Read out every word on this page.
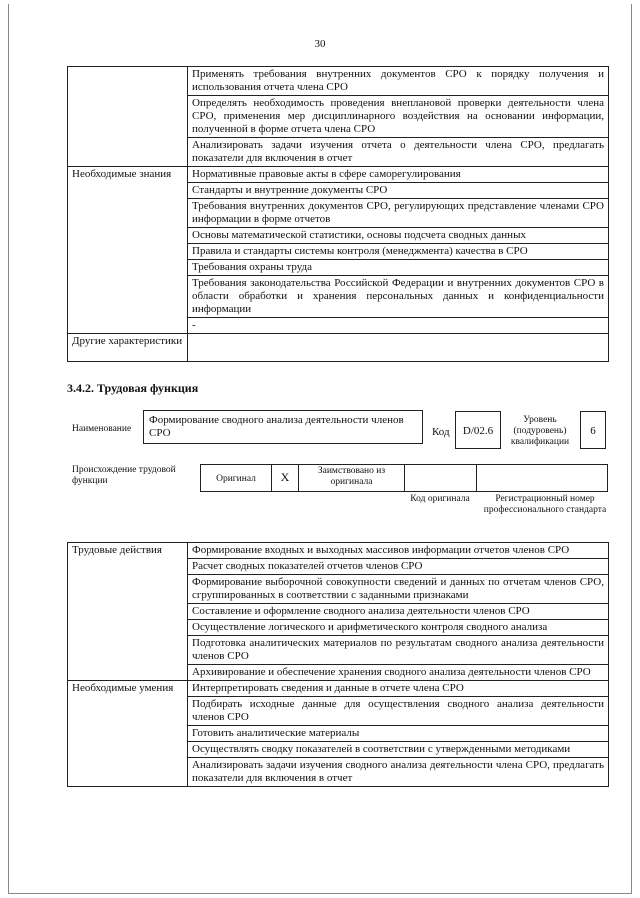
30
	Применять требования внутренних документов СРО к порядку получения и использования отчета члена СРО
	Определять необходимость проведения внеплановой проверки деятельности члена СРО, применения мер дисциплинарного воздействия на основании информации, полученной в форме отчета члена СРО
	Анализировать задачи изучения отчета о деятельности члена СРО, предлагать показатели для включения в отчет
Необходимые знания	Нормативные правовые акты в сфере саморегулирования
	Стандарты и внутренние документы СРО
	Требования внутренних документов СРО, регулирующих представление членами СРО информации в форме отчетов
	Основы математической статистики, основы подсчета сводных данных
	Правила и стандарты системы контроля (менеджмента) качества в СРО
	Требования охраны труда
	Требования законодательства Российской Федерации и внутренних документов СРО в области обработки и хранения персональных данных и конфиденциальности информации
	-
Другие характеристики	
3.4.2. Трудовая функция
Наименование
Формирование сводного анализа деятельности членов СРО	Код	D/02.6
Уровень (подуровень) квалификации
6
Происхождение трудовой функции	Оригинал	X	Заимствовано из оригинала
Код оригинала	Регистрационный номер профессионального стандарта
Трудовые действия	Формирование входных и выходных массивов информации отчетов членов СРО
	Расчет сводных показателей отчетов членов СРО
	Формирование выборочной совокупности сведений и данных по отчетам членов СРО, сгруппированных в соответствии с заданными признаками
	Составление и оформление сводного анализа деятельности членов СРО
	Осуществление логического и арифметического контроля сводного анализа
	Подготовка аналитических материалов по результатам сводного анализа деятельности членов СРО
	Архивирование и обеспечение хранения сводного анализа деятельности членов СРО
Необходимые умения	Интерпретировать сведения и данные в отчете члена СРО
	Подбирать исходные данные для осуществления сводного анализа деятельности членов СРО
	Готовить аналитические материалы
	Осуществлять сводку показателей в соответствии с утвержденными методиками
	Анализировать задачи изучения сводного анализа деятельности члена СРО, предлагать показатели для включения в отчет
